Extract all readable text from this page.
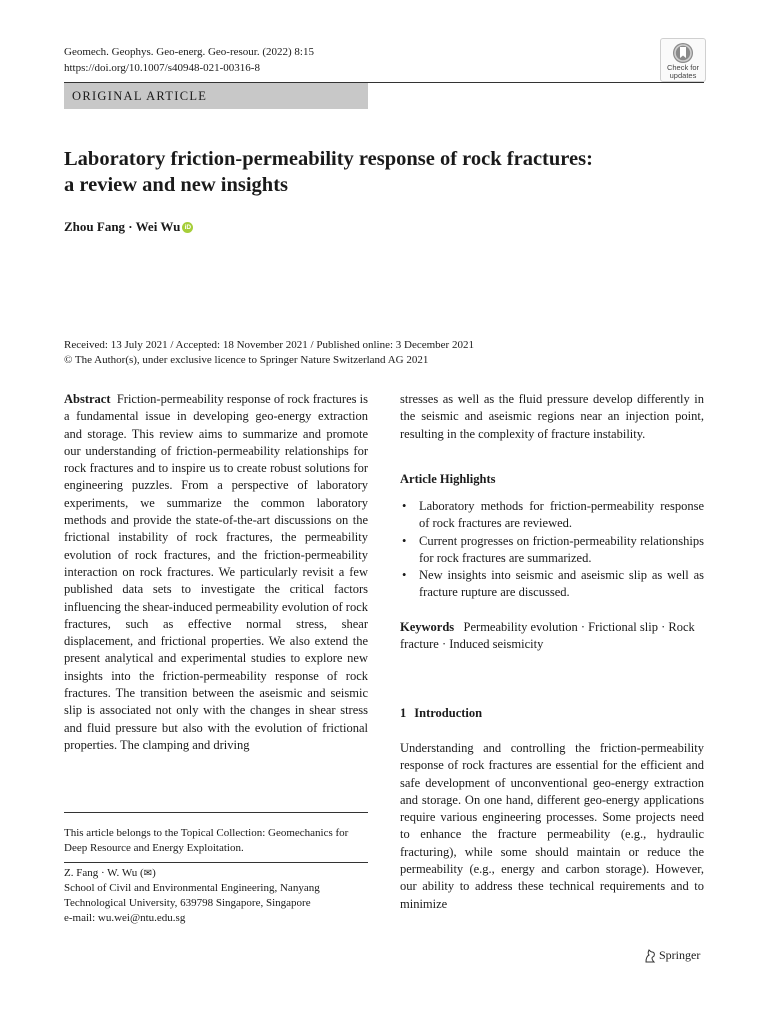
Geomech. Geophys. Geo-energ. Geo-resour. (2022) 8:15
https://doi.org/10.1007/s40948-021-00316-8	Check for
updates
ORIGINAL ARTICLE
Laboratory friction-permeability response of rock fractures:
a review and new insights
Zhou Fang · Wei Wu iD
Received: 13 July 2021 / Accepted: 18 November 2021 / Published online: 3 December 2021
© The Author(s), under exclusive licence to Springer Nature Switzerland AG 2021
Abstract Friction-permeability response of rock fractures is a fundamental issue in developing geo-energy extraction and storage. This review aims to summarize and promote our understanding of friction-permeability relationships for rock fractures and to inspire us to create robust solutions for engineering puzzles. From a perspective of laboratory experiments, we summarize the common laboratory methods and provide the state-of-the-art discussions on the frictional instability of rock fractures, the permeability evolution of rock fractures, and the friction-permeability interaction on rock fractures. We particularly revisit a few published data sets to investigate the critical factors influencing the shear-induced permeability evolution of rock fractures, such as effective normal stress, shear displacement, and frictional properties. We also extend the present analytical and experimental studies to explore new insights into the friction-permeability response of rock fractures. The transition between the aseismic and seismic slip is associated not only with the changes in shear stress and fluid pressure but also with the evolution of frictional properties. The clamping and driving
stresses as well as the fluid pressure develop differently in the seismic and aseismic regions near an injection point, resulting in the complexity of fracture instability.
Article Highlights
• Laboratory methods for friction-permeability response of rock fractures are reviewed.
• Current progresses on friction-permeability relationships for rock fractures are summarized.
• New insights into seismic and aseismic slip as well as fracture rupture are discussed.
Keywords Permeability evolution · Frictional slip · Rock fracture · Induced seismicity
1 Introduction
Understanding and controlling the friction-permeability response of rock fractures are essential for the efficient and safe development of unconventional geo-energy extraction and storage. On one hand, different geo-energy applications require various engineering processes. Some projects need to enhance the fracture permeability (e.g., hydraulic fracturing), while some should maintain or reduce the permeability (e.g., energy and carbon storage). However, our ability to address these technical requirements and to minimize
This article belongs to the Topical Collection: Geomechanics for Deep Resource and Energy Exploitation.
Z. Fang · W. Wu (✉)
School of Civil and Environmental Engineering, Nanyang
Technological University, 639798 Singapore, Singapore
e-mail: wu.wei@ntu.edu.sg
Springer
